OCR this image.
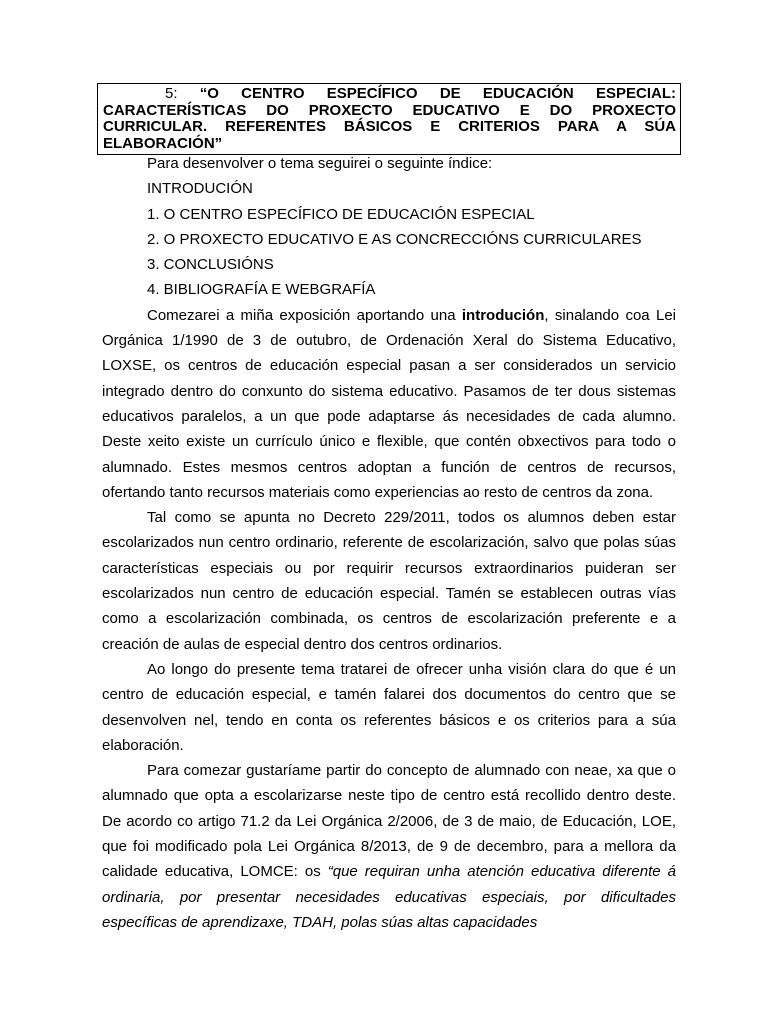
5: “O CENTRO ESPECÍFICO DE EDUCACIÓN ESPECIAL: CARACTERÍSTICAS DO PROXECTO EDUCATIVO E DO PROXECTO CURRICULAR. REFERENTES BÁSICOS E CRITERIOS PARA A SÚA ELABORACIÓN”

Para desenvolver o tema seguirei o seguinte índice:

INTRODUCIÓN

1. O CENTRO ESPECÍFICO DE EDUCACIÓN ESPECIAL

2. O PROXECTO EDUCATIVO E AS CONCRECCIÓNS CURRICULARES

3. CONCLUSIÓNS

4. BIBLIOGRAFÍA E WEBGRAFÍA

Comezarei a miña exposición aportando una introdución, sinalando coa Lei Orgánica 1/1990 de 3 de outubro, de Ordenación Xeral do Sistema Educativo, LOXSE, os centros de educación especial pasan a ser considerados un servicio integrado dentro do conxunto do sistema educativo. Pasamos de ter dous sistemas educativos paralelos, a un que pode adaptarse ás necesidades de cada alumno. Deste xeito existe un currículo único e flexible, que contén obxectivos para todo o alumnado. Estes mesmos centros adoptan a función de centros de recursos, ofertando tanto recursos materiais como experiencias ao resto de centros da zona.

Tal como se apunta no Decreto 229/2011, todos os alumnos deben estar escolarizados nun centro ordinario, referente de escolarización, salvo que polas súas características especiais ou por requirir recursos extraordinarios puideran ser escolarizados nun centro de educación especial. Tamén se establecen outras vías como a escolarización combinada, os centros de escolarización preferente e a creación de aulas de especial dentro dos centros ordinarios.

Ao longo do presente tema tratarei de ofrecer unha visión clara do que é un centro de educación especial, e tamén falarei dos documentos do centro que se desenvolven nel, tendo en conta os referentes básicos e os criterios para a súa elaboración.

Para comezar gustaríame partir do concepto de alumnado con neae, xa que o alumnado que opta a escolarizarse neste tipo de centro está recollido dentro deste. De acordo co artigo 71.2 da Lei Orgánica 2/2006, de 3 de maio, de Educación, LOE, que foi modificado pola Lei Orgánica 8/2013, de 9 de decembro, para a mellora da calidade educativa, LOMCE: os “que requiran unha atención educativa diferente á ordinaria, por presentar necesidades educativas especiais, por dificultades específicas de aprendizaxe, TDAH, polas súas altas capacidades
